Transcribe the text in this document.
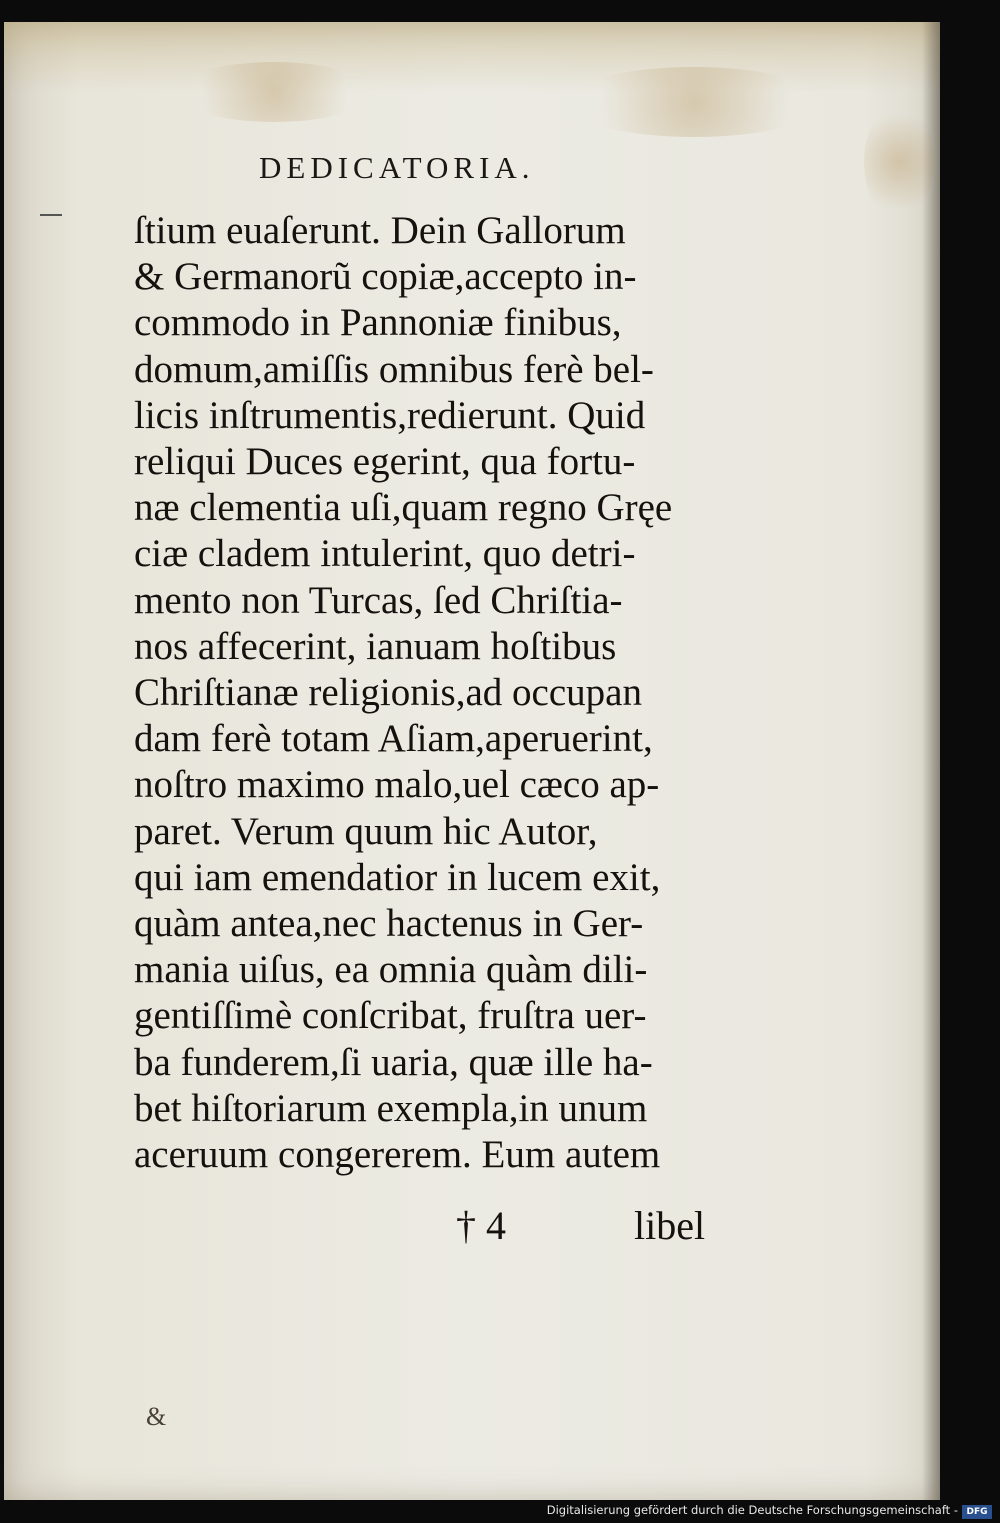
DEDICATORIA.
ſtium euaſerunt. Dein Gallorum
& Germanorũ copiæ,accepto in-
commodo in Pannoniæ finibus,
domum,amiſſis omnibus ferè bel-
licis inſtrumentis,redierunt. Quid
reliqui Duces egerint, qua fortu-
næ clementia uſi,quam regno Gręe
ciæ cladem intulerint, quo detri-
mento non Turcas, ſed Chriſtia-
nos affecerint, ianuam hoſtibus
Chriſtianæ religionis,ad occupan
dam ferè totam Aſiam,aperuerint,
noſtro maximo malo,uel cæco ap-
paret. Verum quum hic Autor,
qui iam emendatior in lucem exit,
quàm antea,nec hactenus in Ger-
mania uiſus, ea omnia quàm dili-
gentiſſimè conſcribat, fruſtra uer-
ba funderem,ſi uaria, quæ ille ha-
bet hiſtoriarum exempla,in unum
aceruum congererem. Eum autem
† 4	libel
&
Digitalisierung gefördert durch die Deutsche Forschungsgemeinschaft - DFG
